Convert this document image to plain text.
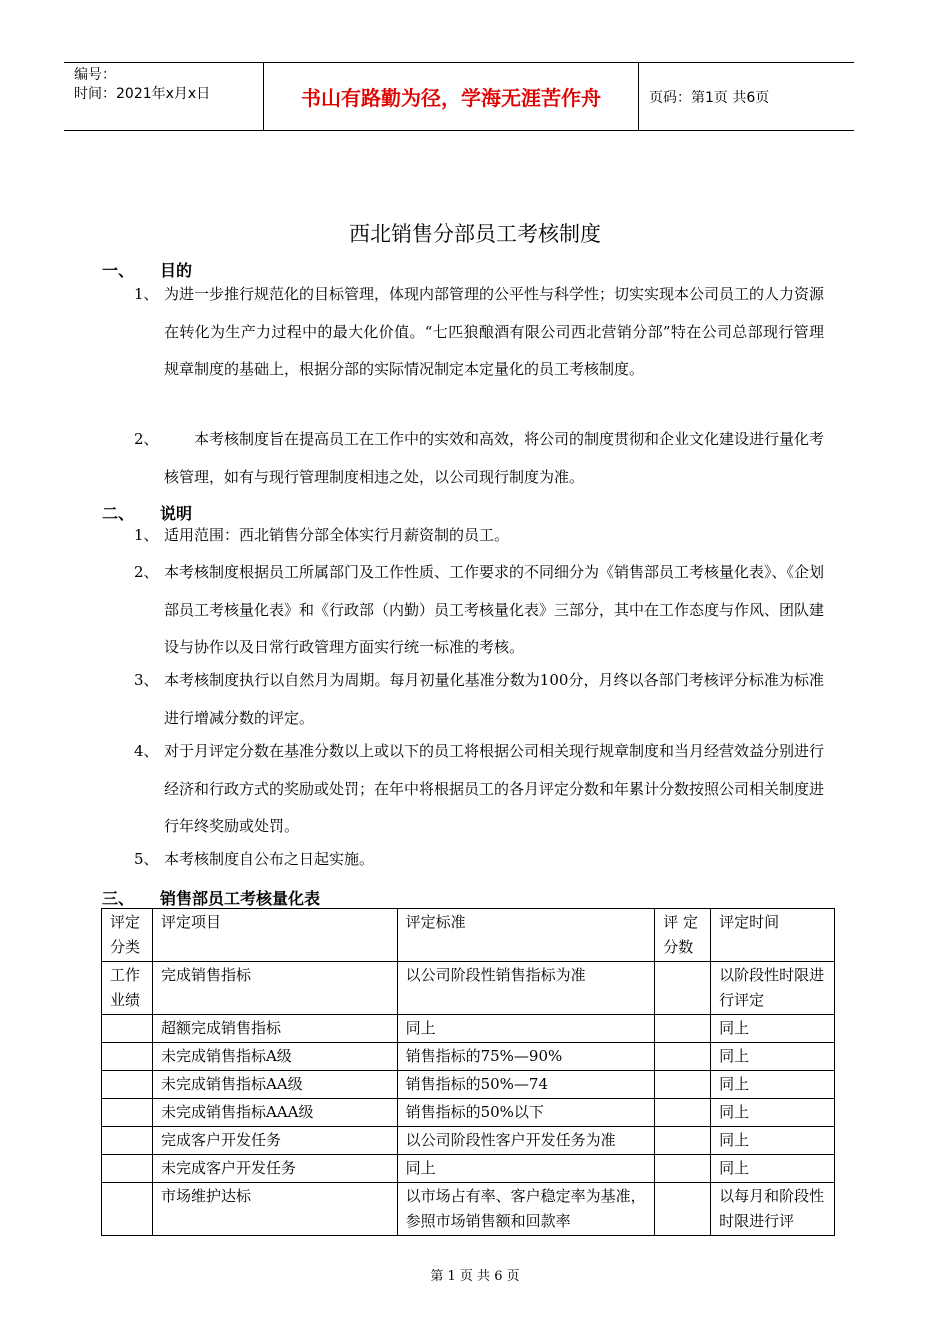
编号：
时间：2021年x月x日	书山有路勤为径，学海无涯苦作舟	页码：第1页 共6页
西北销售分部员工考核制度
一、 目的
1、 为进一步推行规范化的目标管理，体现内部管理的公平性与科学性；切实实现本公司员工的人力资源在转化为生产力过程中的最大化价值。“七匹狼酿酒有限公司西北营销分部”特在公司总部现行管理规章制度的基础上，根据分部的实际情况制定本定量化的员工考核制度。
2、	本考核制度旨在提高员工在工作中的实效和高效，将公司的制度贯彻和企业文化建设进行量化考核管理，如有与现行管理制度相违之处，以公司现行制度为准。
二、 说明
1、 适用范围：西北销售分部全体实行月薪资制的员工。
2、 本考核制度根据员工所属部门及工作性质、工作要求的不同细分为《销售部员工考核量化表》、《企划部员工考核量化表》和《行政部（内勤）员工考核量化表》三部分，其中在工作态度与作风、团队建设与协作以及日常行政管理方面实行统一标准的考核。
3、 本考核制度执行以自然月为周期。每月初量化基准分数为100分，月终以各部门考核评分标准为标准进行增减分数的评定。
4、 对于月评定分数在基准分数以上或以下的员工将根据公司相关现行规章制度和当月经营效益分别进行经济和行政方式的奖励或处罚；在年中将根据员工的各月评定分数和年累计分数按照公司相关制度进行年终奖励或处罚。
5、 本考核制度自公布之日起实施。
三、 销售部员工考核量化表
评定分类	评定项目	评定标准	评 定分数	评定时间
工作业绩	完成销售指标	以公司阶段性销售指标为准		以阶段性时限进行评定
	超额完成销售指标	同上		同上
	未完成销售指标A级	销售指标的75%—90%		同上
	未完成销售指标AA级	销售指标的50%—74		同上
	未完成销售指标AAA级	销售指标的50%以下		同上
	完成客户开发任务	以公司阶段性客户开发任务为准		同上
	未完成客户开发任务	同上		同上
	市场维护达标	以市场占有率、客户稳定率为基准，参照市场销售额和回款率		以每月和阶段性时限进行评
第 1 页 共 6 页
